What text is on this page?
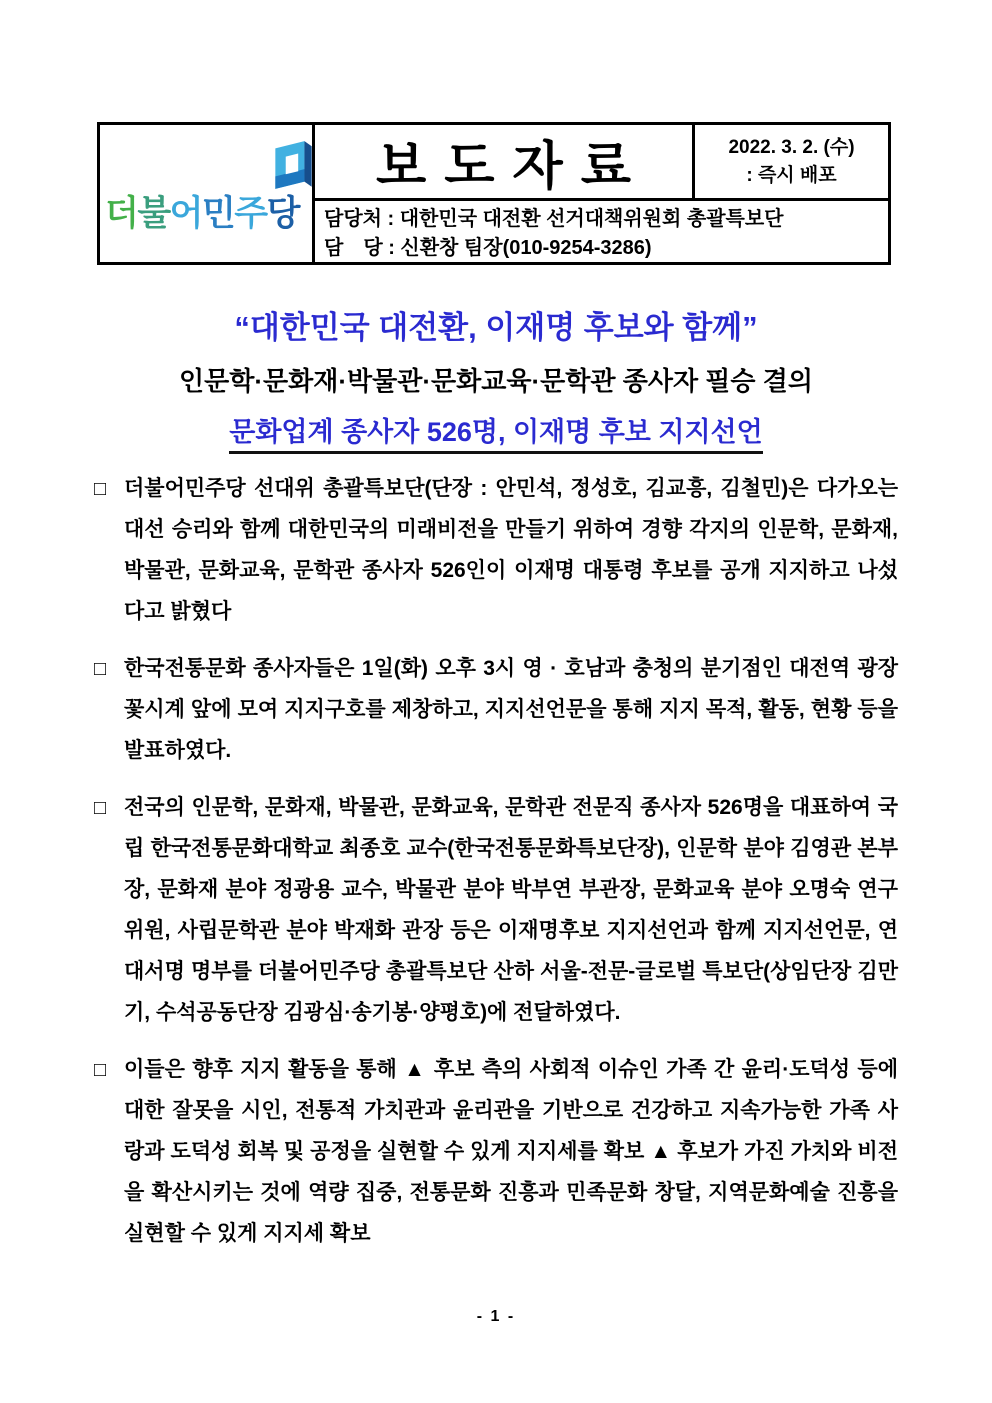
더불어민주당
보도자료	2022. 3. 2. (수)
: 즉시 배포
담당처 : 대한민국 대전환 선거대책위원회 총괄특보단
담　당 : 신환창 팀장(010-9254-3286)
“대한민국 대전환, 이재명 후보와 함께”
인문학·문화재·박물관·문화교육·문학관 종사자 필승 결의
문화업계 종사자 526명, 이재명 후보 지지선언

□ 더불어민주당 선대위 총괄특보단(단장 : 안민석, 정성호, 김교흥, 김철민)은 다가오는 대선 승리와 함께 대한민국의 미래비전을 만들기 위하여 경향 각지의 인문학, 문화재, 박물관, 문화교육, 문학관 종사자 526인이 이재명 대통령 후보를 공개 지지하고 나섰다고 밝혔다

□ 한국전통문화 종사자들은 1일(화) 오후 3시 영 · 호남과 충청의 분기점인 대전역 광장 꽃시계 앞에 모여 지지구호를 제창하고, 지지선언문을 통해 지지 목적, 활동, 현황 등을 발표하였다.

□ 전국의 인문학, 문화재, 박물관, 문화교육, 문학관 전문직 종사자 526명을 대표하여 국립 한국전통문화대학교 최종호 교수(한국전통문화특보단장), 인문학 분야 김영관 본부장, 문화재 분야 정광용 교수, 박물관 분야 박부연 부관장, 문화교육 분야 오명숙 연구위원, 사립문학관 분야 박재화 관장 등은 이재명후보 지지선언과 함께 지지선언문, 연대서명 명부를 더불어민주당 총괄특보단 산하 서울-전문-글로벌 특보단(상임단장 김만기, 수석공동단장 김광심·송기봉·양평호)에 전달하였다.

□ 이들은 향후 지지 활동을 통해 ▲ 후보 측의 사회적 이슈인 가족 간 윤리·도덕성 등에 대한 잘못을 시인, 전통적 가치관과 윤리관을 기반으로 건강하고 지속가능한 가족 사랑과 도덕성 회복 및 공정을 실현할 수 있게 지지세를 확보 ▲ 후보가 가진 가치와 비전을 확산시키는 것에 역량 집중, 전통문화 진흥과 민족문화 창달, 지역문화예술 진흥을 실현할 수 있게 지지세 확보

- 1 -
